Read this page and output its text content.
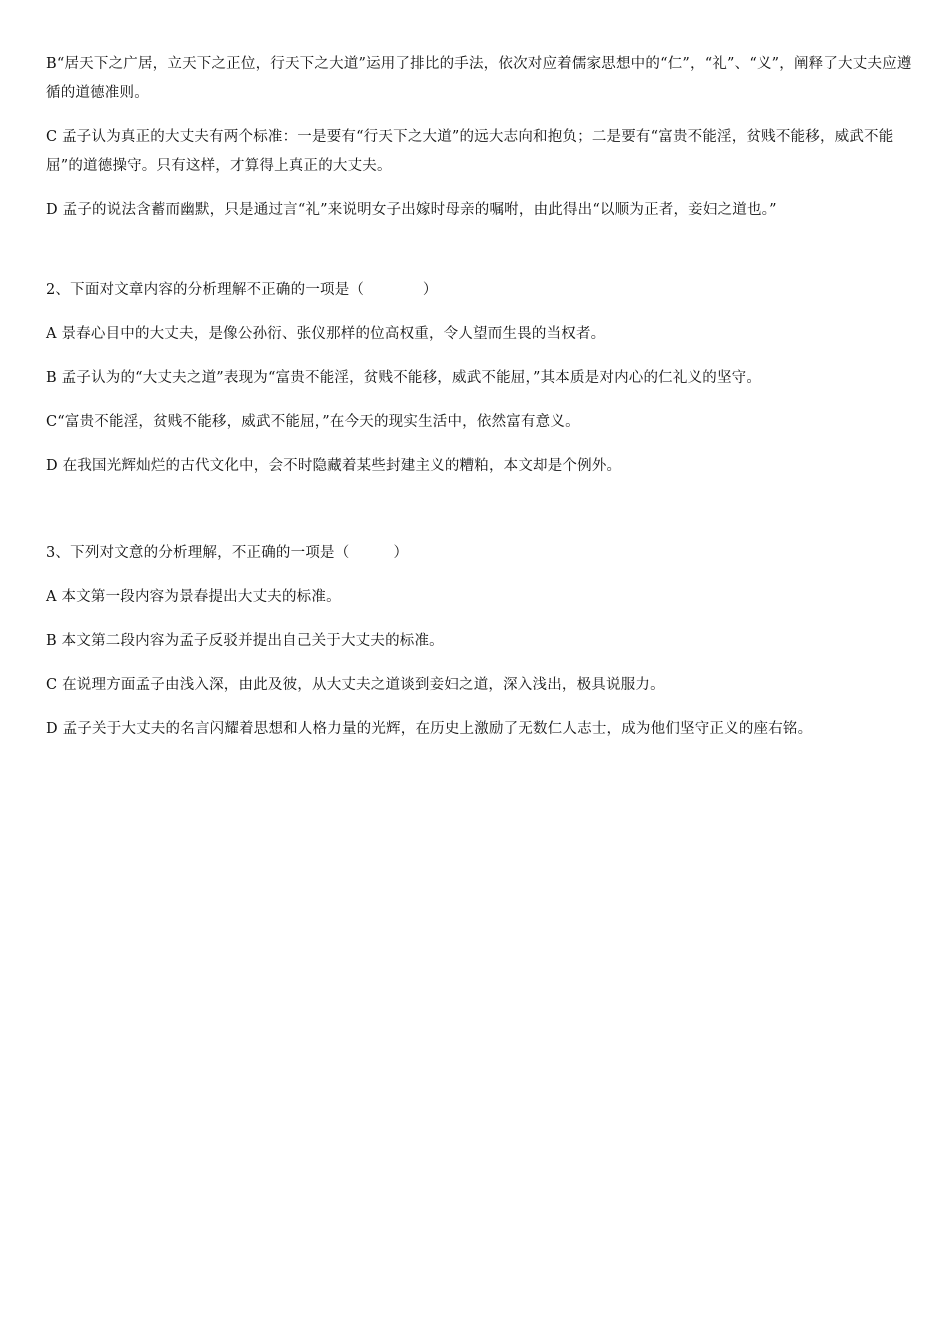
B“居天下之广居，立天下之正位，行天下之大道”运用了排比的手法，依次对应着儒家思想中的“仁”，“礼”、“义”，阐释了大丈夫应遵循的道德准则。

C 孟子认为真正的大丈夫有两个标准：一是要有“行天下之大道”的远大志向和抱负；二是要有“富贵不能淫，贫贱不能移，威武不能屈”的道德操守。只有这样，才算得上真正的大丈夫。

D 孟子的说法含蓄而幽默，只是通过言“礼”来说明女子出嫁时母亲的嘱咐，由此得出“以顺为正者，妾妇之道也。”

2、下面对文章内容的分析理解不正确的一项是（　　　　）

A 景春心目中的大丈夫，是像公孙衍、张仪那样的位高权重，令人望而生畏的当权者。

B 孟子认为的“大丈夫之道”表现为“富贵不能淫，贫贱不能移，威武不能屈，”其本质是对内心的仁礼义的坚守。

C“富贵不能淫，贫贱不能移，威武不能屈，”在今天的现实生活中，依然富有意义。

D 在我国光辉灿烂的古代文化中，会不时隐藏着某些封建主义的糟粕，本文却是个例外。

3、下列对文意的分析理解，不正确的一项是（　　　）

A 本文第一段内容为景春提出大丈夫的标准。

B 本文第二段内容为孟子反驳并提出自己关于大丈夫的标准。

C 在说理方面孟子由浅入深，由此及彼，从大丈夫之道谈到妾妇之道，深入浅出，极具说服力。

D 孟子关于大丈夫的名言闪耀着思想和人格力量的光辉，在历史上激励了无数仁人志士，成为他们坚守正义的座右铭。
